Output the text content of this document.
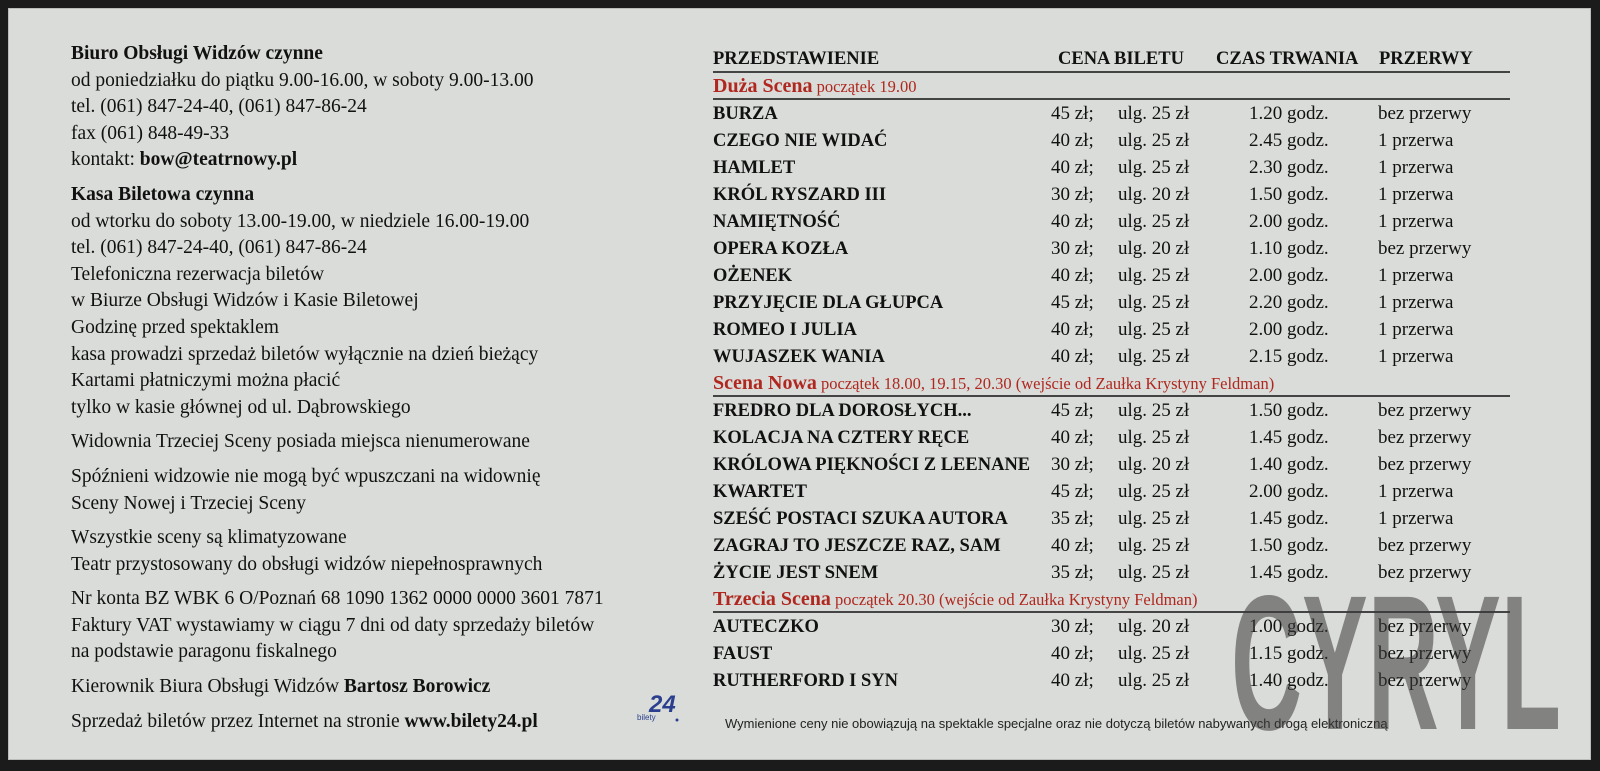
Biuro Obsługi Widzów czynne

od poniedziałku do piątku 9.00-16.00, w soboty 9.00-13.00

tel. (061) 847-24-40, (061) 847-86-24

fax (061) 848-49-33

kontakt: bow@teatrnowy.pl

Kasa Biletowa czynna

od wtorku do soboty 13.00-19.00, w niedziele 16.00-19.00

tel. (061) 847-24-40, (061) 847-86-24

Telefoniczna rezerwacja biletów

w Biurze Obsługi Widzów i Kasie Biletowej

Godzinę przed spektaklem

kasa prowadzi sprzedaż biletów wyłącznie na dzień bieżący

Kartami płatniczymi można płacić

tylko w kasie głównej od ul. Dąbrowskiego

Widownia Trzeciej Sceny posiada miejsca nienumerowane

Spóźnieni widzowie nie mogą być wpuszczani na widownię

Sceny Nowej i Trzeciej Sceny

Wszystkie sceny są klimatyzowane

Teatr przystosowany do obsługi widzów niepełnosprawnych

Nr konta BZ WBK 6 O/Poznań 68 1090 1362 0000 0000 3601 7871

Faktury VAT wystawiamy w ciągu 7 dni od daty sprzedaży biletów

na podstawie paragonu fiskalnego

Kierownik Biura Obsługi Widzów Bartosz Borowicz

Sprzedaż biletów przez Internet na stronie www.bilety24.pl

PRZEDSTAWIENIE	CENA BILETU CZAS TRWANIA PRZERWY
Duża Scena początek 19.00
BURZA	45 zł; ulg. 25 zł	1.20 godz.	bez przerwy
CZEGO NIE WIDAĆ	40 zł; ulg. 25 zł	2.45 godz.	1 przerwa
HAMLET	40 zł; ulg. 25 zł	2.30 godz.	1 przerwa
KRÓL RYSZARD III	30 zł; ulg. 20 zł	1.50 godz.	1 przerwa
NAMIĘTNOŚĆ	40 zł; ulg. 25 zł	2.00 godz.	1 przerwa
OPERA KOZŁA	30 zł; ulg. 20 zł	1.10 godz.	bez przerwy
OŻENEK	40 zł; ulg. 25 zł	2.00 godz.	1 przerwa
PRZYJĘCIE DLA GŁUPCA	45 zł; ulg. 25 zł	2.20 godz.	1 przerwa
ROMEO I JULIA	40 zł; ulg. 25 zł	2.00 godz.	1 przerwa
WUJASZEK WANIA	40 zł; ulg. 25 zł	2.15 godz.	1 przerwa
Scena Nowa początek 18.00, 19.15, 20.30 (wejście od Zaułka Krystyny Feldman)
FREDRO DLA DOROSŁYCH...	45 zł; ulg. 25 zł	1.50 godz.	bez przerwy
KOLACJA NA CZTERY RĘCE	40 zł; ulg. 25 zł	1.45 godz.	bez przerwy
KRÓLOWA PIĘKNOŚCI Z LEENANE 30 zł; ulg. 20 zł	1.40 godz.	bez przerwy
KWARTET	45 zł; ulg. 25 zł	2.00 godz.	1 przerwa
SZEŚĆ POSTACI SZUKA AUTORA 35 zł; ulg. 25 zł	1.45 godz.	1 przerwa
ZAGRAJ TO JESZCZE RAZ, SAM	40 zł; ulg. 25 zł	1.50 godz.	bez przerwy
ŻYCIE JEST SNEM	35 zł; ulg. 25 zł	1.45 godz.	bez przerwy
Trzecia Scena początek 20.30 (wejście od Zaułka Krystyny Feldman)
AUTECZKO	30 zł; ulg. 20 zł	1.00 godz.	bez przerwy
FAUST	40 zł; ulg. 25 zł	1.15 godz.	bez przerwy
RUTHERFORD I SYN	40 zł; ulg. 25 zł	1.40 godz.	bez przerwy
24
bilety	Wymienione ceny nie obowiązują na spektakle specjalne oraz nie dotyczą biletów nabywanych drogą elektroniczną
CYRYL
